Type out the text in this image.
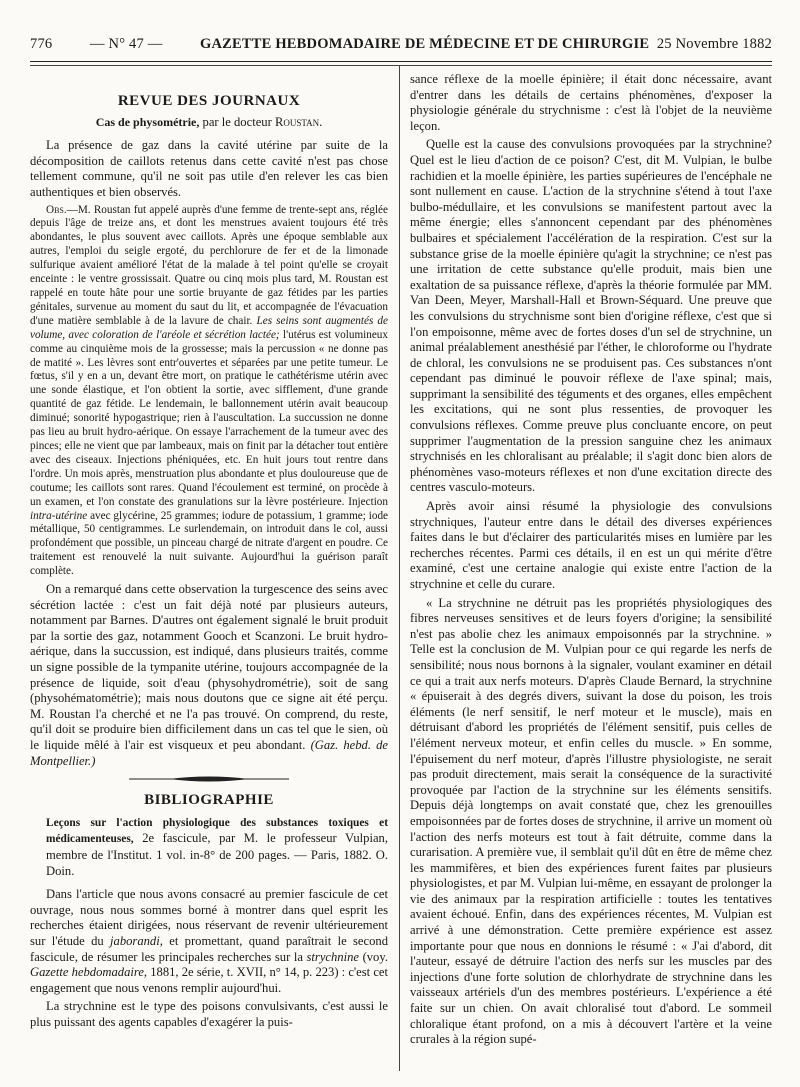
776	— N° 47 —	GAZETTE HEBDOMADAIRE DE MÉDECINE ET DE CHIRURGIE 25 Novembre 1882
REVUE DES JOURNAUX
Cas de physométrie, par le docteur Roustan.

La présence de gaz dans la cavité utérine par suite de la décomposition de caillots retenus dans cette cavité n'est pas chose tellement commune, qu'il ne soit pas utile d'en relever les cas bien authentiques et bien observés.

Obs.—M. Roustan fut appelé auprès d'une femme de trente-sept ans, réglée depuis l'âge de treize ans, et dont les menstrues avaient toujours été très abondantes, le plus souvent avec caillots. Après une époque semblable aux autres, l'emploi du seigle ergoté, du perchlorure de fer et de la limonade sulfurique avaient amélioré l'état de la malade à tel point qu'elle se croyait enceinte : le ventre grossissait. Quatre ou cinq mois plus tard, M. Roustan est rappelé en toute hâte pour une sortie bruyante de gaz fétides par les parties génitales, survenue au moment du saut du lit, et accompagnée de l'évacuation d'une matière semblable à de la lavure de chair. Les seins sont augmentés de volume, avec coloration de l'aréole et sécrétion lactée; l'utérus est volumineux comme au cinquième mois de la grossesse; mais la percussion « ne donne pas de matité ». Les lèvres sont entr'ouvertes et séparées par une petite tumeur. Le fœtus, s'il y en a un, devant être mort, on pratique le cathétérisme utérin avec une sonde élastique, et l'on obtient la sortie, avec sifflement, d'une grande quantité de gaz fétide. Le lendemain, le ballonnement utérin avait beaucoup diminué; sonorité hypogastrique; rien à l'auscultation. La succussion ne donne pas lieu au bruit hydro-aérique. On essaye l'arrachement de la tumeur avec des pinces; elle ne vient que par lambeaux, mais on finit par la détacher tout entière avec des ciseaux. Injections phéniquées, etc. En huit jours tout rentre dans l'ordre. Un mois après, menstruation plus abondante et plus douloureuse que de coutume; les caillots sont rares. Quand l'écoulement est terminé, on procède à un examen, et l'on constate des granulations sur la lèvre postérieure. Injection intra-utérine avec glycérine, 25 grammes; iodure de potassium, 1 gramme; iode métallique, 50 centigrammes. Le surlendemain, on introduit dans le col, aussi profondément que possible, un pinceau chargé de nitrate d'argent en poudre. Ce traitement est renouvelé la nuit suivante. Aujourd'hui la guérison paraît complète.

On a remarqué dans cette observation la turgescence des seins avec sécrétion lactée : c'est un fait déjà noté par plusieurs auteurs, notamment par Barnes. D'autres ont également signalé le bruit produit par la sortie des gaz, notamment Gooch et Scanzoni. Le bruit hydro-aérique, dans la succussion, est indiqué, dans plusieurs traités, comme un signe possible de la tympanite utérine, toujours accompagnée de la présence de liquide, soit d'eau (physohydrométrie), soit de sang (physohématométrie); mais nous doutons que ce signe ait été perçu. M. Roustan l'a cherché et ne l'a pas trouvé. On comprend, du reste, qu'il doit se produire bien difficilement dans un cas tel que le sien, où le liquide mêlé à l'air est visqueux et peu abondant. (Gaz. hebd. de Montpellier.)

BIBLIOGRAPHIE

Leçons sur l'action physiologique des substances toxiques et médicamenteuses, 2e fascicule, par M. le professeur Vulpian, membre de l'Institut. 1 vol. in-8° de 200 pages. — Paris, 1882. O. Doin.

Dans l'article que nous avons consacré au premier fascicule de cet ouvrage, nous nous sommes borné à montrer dans quel esprit les recherches étaient dirigées, nous réservant de revenir ultérieurement sur l'étude du jaborandi, et promettant, quand paraîtrait le second fascicule, de résumer les principales recherches sur la strychnine (voy. Gazette hebdomadaire, 1881, 2e série, t. XVII, n° 14, p. 223) : c'est cet engagement que nous venons remplir aujourd'hui.

La strychnine est le type des poisons convulsivants, c'est aussi le plus puissant des agents capables d'exagérer la puis-

sance réflexe de la moelle épinière; il était donc nécessaire, avant d'entrer dans les détails de certains phénomènes, d'exposer la physiologie générale du strychnisme : c'est là l'objet de la neuvième leçon.

Quelle est la cause des convulsions provoquées par la strychnine? Quel est le lieu d'action de ce poison? C'est, dit M. Vulpian, le bulbe rachidien et la moelle épinière, les parties supérieures de l'encéphale ne sont nullement en cause. L'action de la strychnine s'étend à tout l'axe bulbo-médullaire, et les convulsions se manifestent partout avec la même énergie; elles s'annoncent cependant par des phénomènes bulbaires et spécialement l'accélération de la respiration. C'est sur la substance grise de la moelle épinière qu'agit la strychnine; ce n'est pas une irritation de cette substance qu'elle produit, mais bien une exaltation de sa puissance réflexe, d'après la théorie formulée par MM. Van Deen, Meyer, Marshall-Hall et Brown-Séquard. Une preuve que les convulsions du strychnisme sont bien d'origine réflexe, c'est que si l'on empoisonne, même avec de fortes doses d'un sel de strychnine, un animal préalablement anesthésié par l'éther, le chloroforme ou l'hydrate de chloral, les convulsions ne se produisent pas. Ces substances n'ont cependant pas diminué le pouvoir réflexe de l'axe spinal; mais, supprimant la sensibilité des téguments et des organes, elles empêchent les excitations, qui ne sont plus ressenties, de provoquer les convulsions réflexes. Comme preuve plus concluante encore, on peut supprimer l'augmentation de la pression sanguine chez les animaux strychnisés en les chloralisant au préalable; il s'agit donc bien alors de phénomènes vaso-moteurs réflexes et non d'une excitation directe des centres vasculo-moteurs.

Après avoir ainsi résumé la physiologie des convulsions strychniques, l'auteur entre dans le détail des diverses expériences faites dans le but d'éclairer des particularités mises en lumière par les recherches récentes. Parmi ces détails, il en est un qui mérite d'être examiné, c'est une certaine analogie qui existe entre l'action de la strychnine et celle du curare.

« La strychnine ne détruit pas les propriétés physiologiques des fibres nerveuses sensitives et de leurs foyers d'origine; la sensibilité n'est pas abolie chez les animaux empoisonnés par la strychnine. » Telle est la conclusion de M. Vulpian pour ce qui regarde les nerfs de sensibilité; nous nous bornons à la signaler, voulant examiner en détail ce qui a trait aux nerfs moteurs. D'après Claude Bernard, la strychnine « épuiserait à des degrés divers, suivant la dose du poison, les trois éléments (le nerf sensitif, le nerf moteur et le muscle), mais en détruisant d'abord les propriétés de l'élément sensitif, puis celles de l'élément nerveux moteur, et enfin celles du muscle. » En somme, l'épuisement du nerf moteur, d'après l'illustre physiologiste, ne serait pas produit directement, mais serait la conséquence de la suractivité provoquée par l'action de la strychnine sur les éléments sensitifs. Depuis déjà longtemps on avait constaté que, chez les grenouilles empoisonnées par de fortes doses de strychnine, il arrive un moment où l'action des nerfs moteurs est tout à fait détruite, comme dans la curarisation. A première vue, il semblait qu'il dût en être de même chez les mammifères, et bien des expériences furent faites par plusieurs physiologistes, et par M. Vulpian lui-même, en essayant de prolonger la vie des animaux par la respiration artificielle : toutes les tentatives avaient échoué. Enfin, dans des expériences récentes, M. Vulpian est arrivé à une démonstration. Cette première expérience est assez importante pour que nous en donnions le résumé : « J'ai d'abord, dit l'auteur, essayé de détruire l'action des nerfs sur les muscles par des injections d'une forte solution de chlorhydrate de strychnine dans les vaisseaux artériels d'un des membres postérieurs. L'expérience a été faite sur un chien. On avait chloralisé tout d'abord. Le sommeil chloralique étant profond, on a mis à découvert l'artère et la veine crurales à la région supé-
